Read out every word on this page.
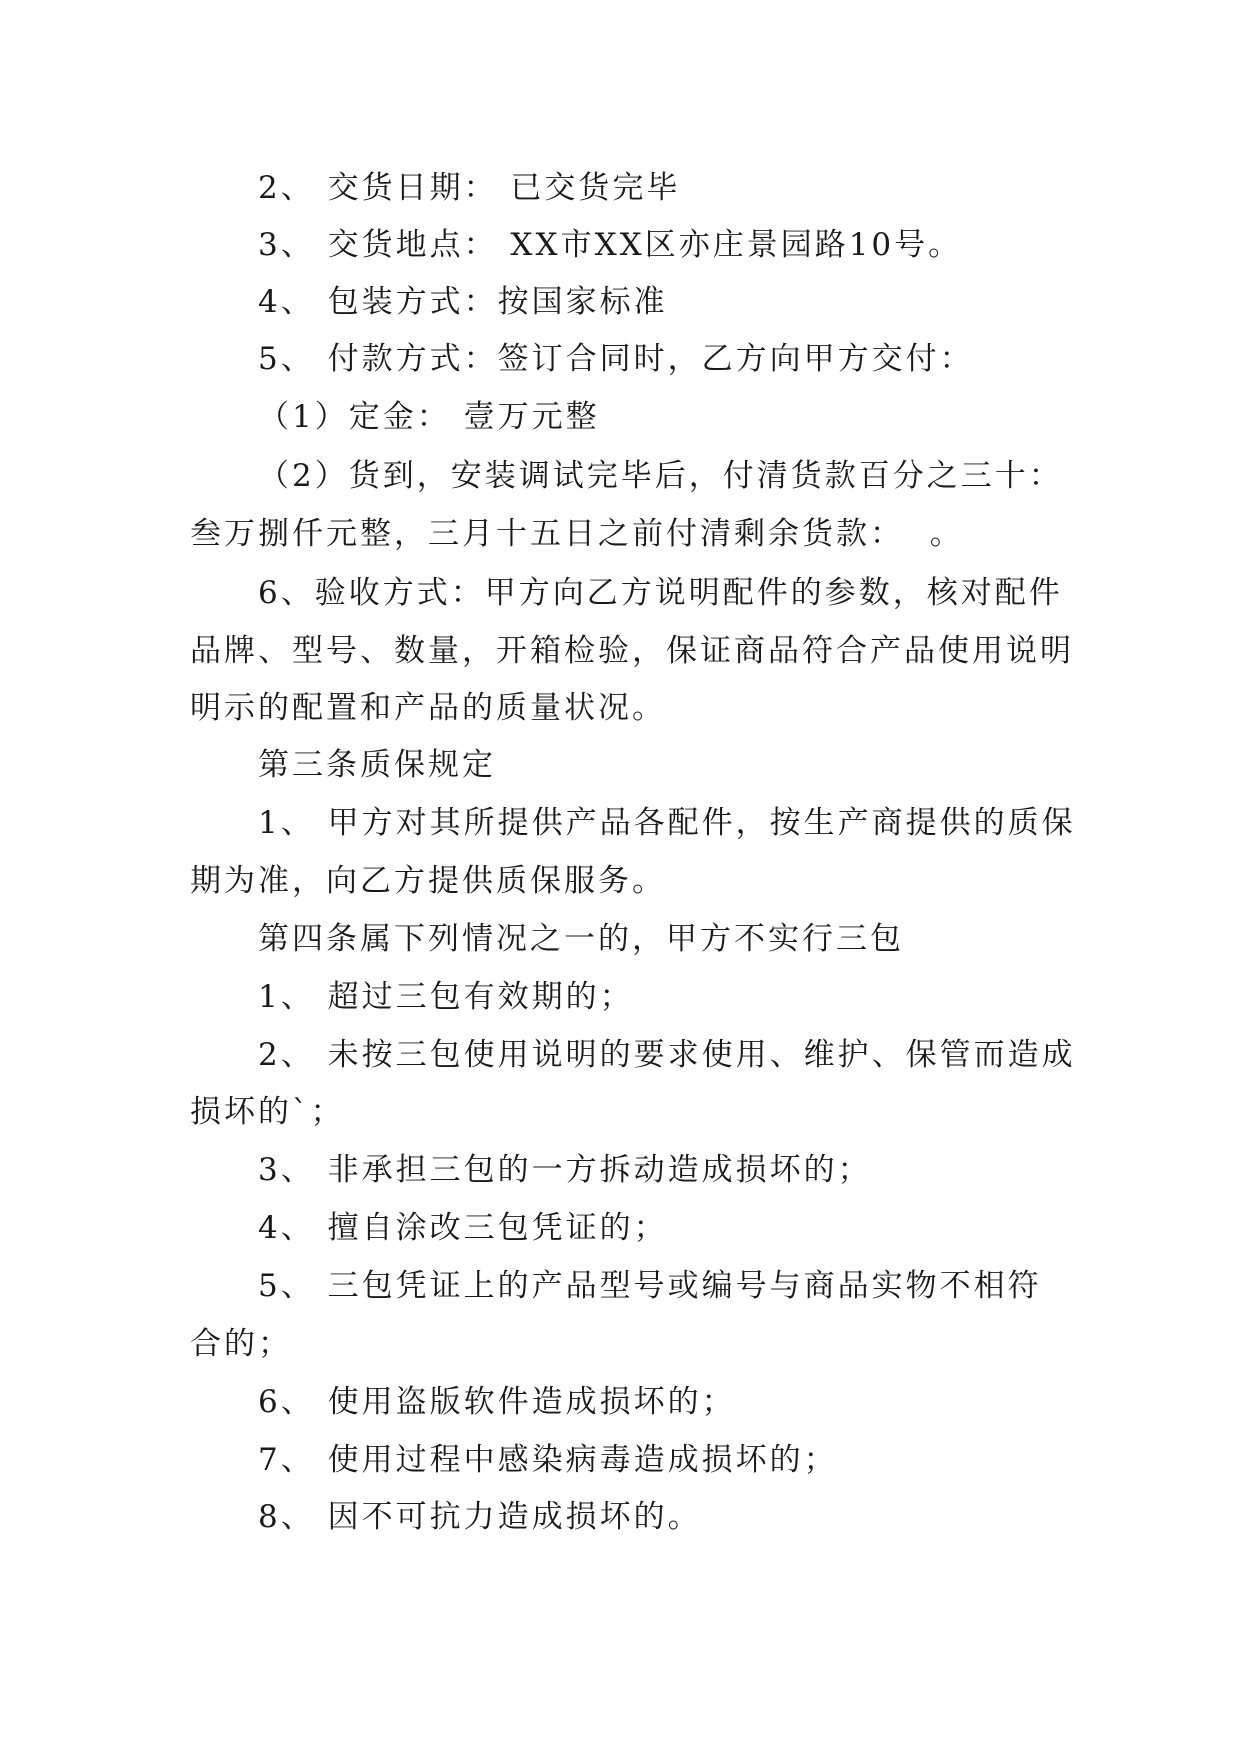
2、 交货日期： 已交货完毕
3、 交货地点： XX市XX区亦庄景园路10号。
4、 包装方式：按国家标准
5、 付款方式：签订合同时，乙方向甲方交付：
（1）定金： 壹万元整
（2）货到，安装调试完毕后，付清货款百分之三十：
叁万捌仟元整，三月十五日之前付清剩余货款：  。
6、验收方式：甲方向乙方说明配件的参数，核对配件
品牌、型号、数量，开箱检验，保证商品符合产品使用说明
明示的配置和产品的质量状况。
第三条质保规定
1、 甲方对其所提供产品各配件，按生产商提供的质保
期为准，向乙方提供质保服务。
第四条属下列情况之一的，甲方不实行三包
1、 超过三包有效期的；
2、 未按三包使用说明的要求使用、维护、保管而造成
损坏的`；
3、 非承担三包的一方拆动造成损坏的；
4、 擅自涂改三包凭证的；
5、 三包凭证上的产品型号或编号与商品实物不相符
合的；
6、 使用盗版软件造成损坏的；
7、 使用过程中感染病毒造成损坏的；
8、 因不可抗力造成损坏的。
